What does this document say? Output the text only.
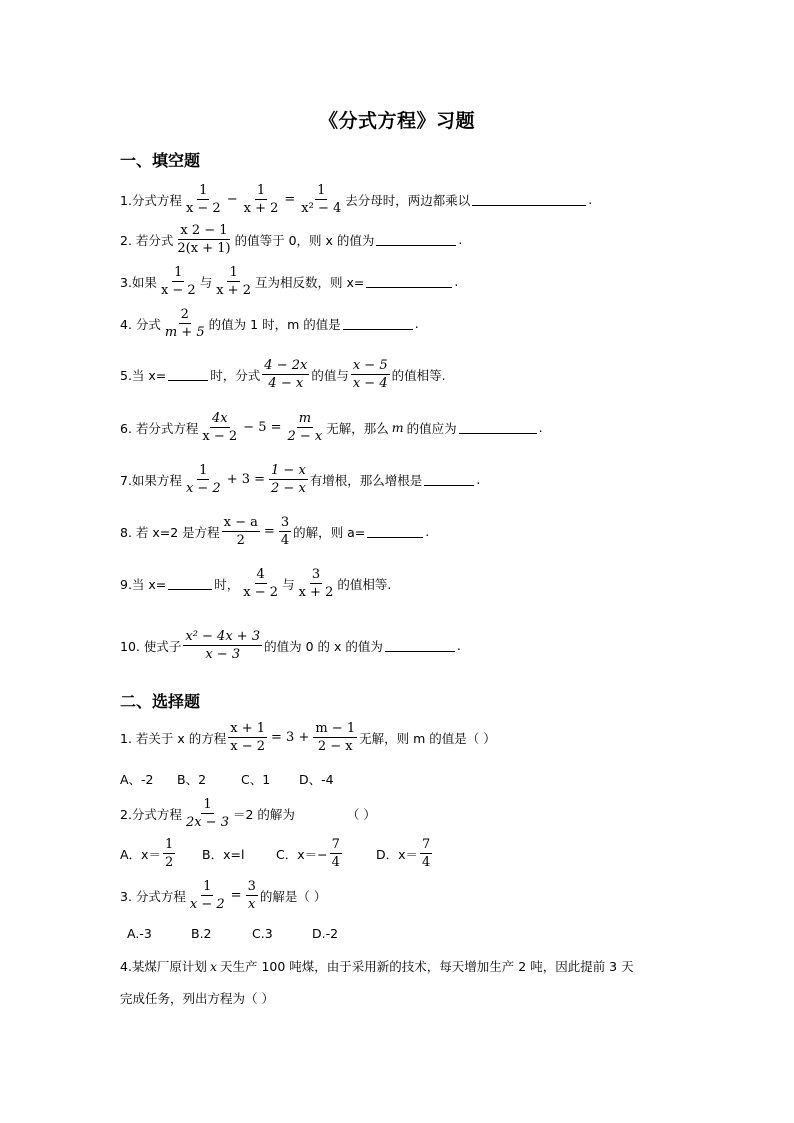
《分式方程》习题
一、填空题
1.分式方程 $\frac{1}{x - 2} - \frac{1}{x + 2} = \frac{1}{\text{x² − 4}}$ 去分母时，两边都乘以	.
2. 若分式 $\frac{x 2 - 1}{2(x + 1)}$ 的值等于 0，则 x 的值为	.
3.如果 $\frac{1}{x - 2}$ 与 $\frac{1}{x + 2}$ 互为相反数，则 x=	.
4. 分式 $\frac{2}{m + 5}$ 的值为 1 时，m 的值是	.
5.当 x=	时，分式 $\frac{4 - 2x}{4 - x}$ 的值与 $\frac{x - 5}{x - 4}$ 的值相等.
6. 若分式方程 $\frac{4x}{x - 2} - 5 = \frac{m}{2 - x}$ 无解，那么 m 的值应为	.
7.如果方程 $\frac{1}{x - 2} + 3 = \frac{1 - x}{2 - x}$ 有增根，那么增根是	.
8. 若 x=2 是方程 $\frac{x - a}{2} = \frac{3}{4}$ 的解，则 a=	.
9.当 x=	时， $\frac{4}{x - 2}$ 与 $\frac{3}{x + 2}$ 的值相等.
10. 使式子 $\frac{\text{x² − 4x + 3}}{x - 3}$ 的值为 0 的 x 的值为	.
二、选择题
1. 若关于 x 的方程 $\frac{x + 1}{x - 2} = 3 + \frac{m - 1}{2 - x}$ 无解，则 m 的值是（ ）
A、-2	B、2	C、1	D、-4
2.分式方程 $\frac{1}{2x - 3} =2$ 的解为	（ ）
A．$x= \frac{1}{2}$ B．x=l	C．$x=- \frac{7}{4}$	D．$x= \frac{7}{4}$
3. 分式方程 $\frac{1}{x - 2} = \frac{3}{x}$ 的解是（ ）
A.-3	B.2	C.3	D.-2
4.某煤厂原计划 x 天生产 100 吨煤，由于采用新的技术，每天增加生产 2 吨，因此提前 3 天
完成任务，列出方程为（ ）
